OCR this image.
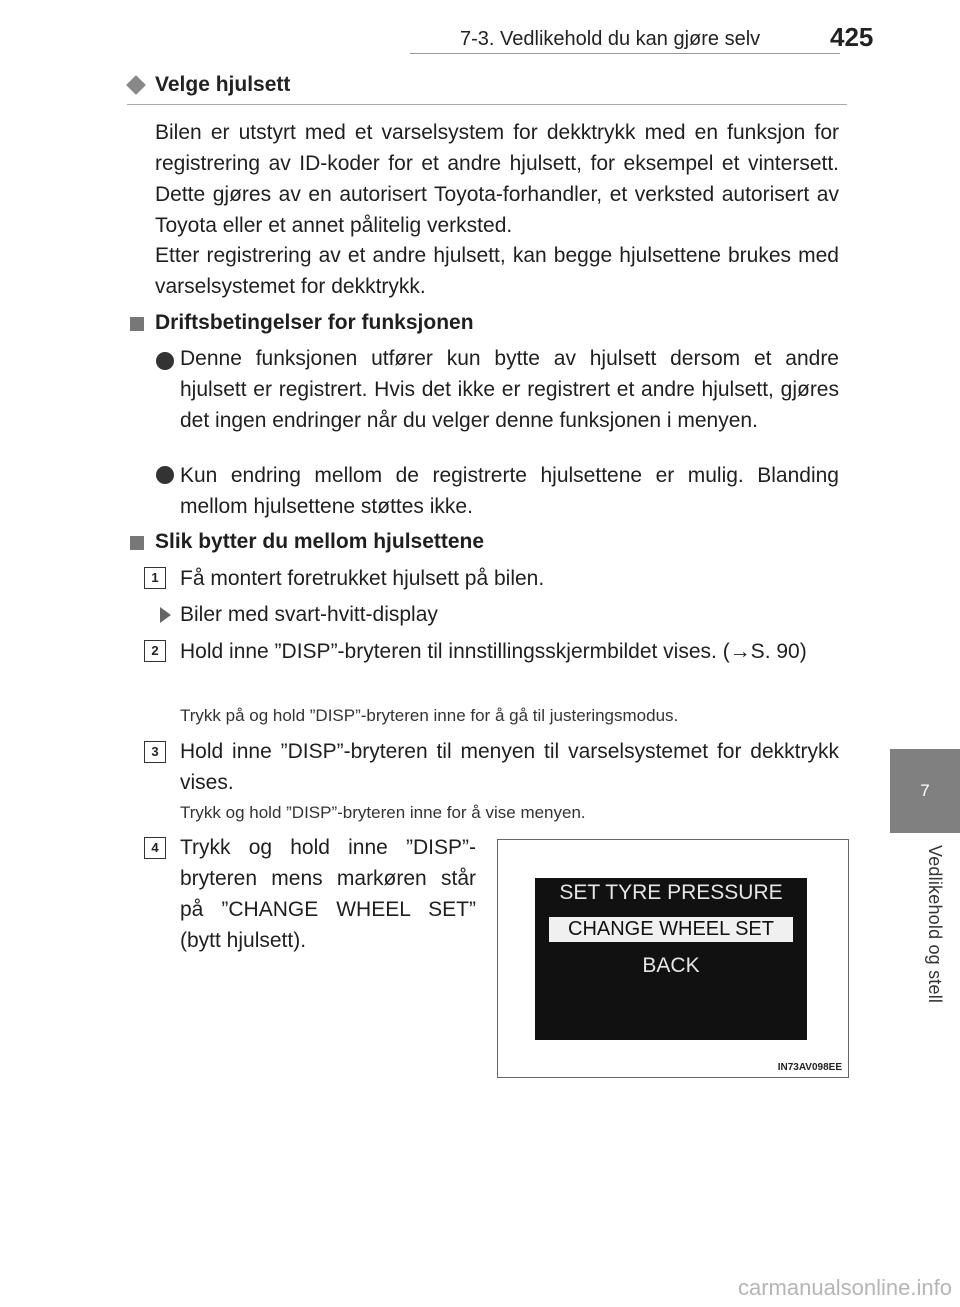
7-3. Vedlikehold du kan gjøre selv	425
7
Vedlikehold og stell
Velge hjulsett
Bilen er utstyrt med et varselsystem for dekktrykk med en funksjon for registrering av ID-koder for et andre hjulsett, for eksempel et vintersett. Dette gjøres av en autorisert Toyota-forhandler, et verksted autorisert av Toyota eller et annet pålitelig verksted.
Etter registrering av et andre hjulsett, kan begge hjulsettene brukes med varselsystemet for dekktrykk.
Driftsbetingelser for funksjonen
Denne funksjonen utfører kun bytte av hjulsett dersom et andre hjulsett er registrert. Hvis det ikke er registrert et andre hjulsett, gjøres det ingen endringer når du velger denne funksjonen i menyen.
Kun endring mellom de registrerte hjulsettene er mulig. Blanding mellom hjulsettene støttes ikke.
Slik bytter du mellom hjulsettene
1	Få montert foretrukket hjulsett på bilen.
Biler med svart-hvitt-display
2	Hold inne ”DISP”-bryteren til innstillingsskjermbildet vises. (→S. 90)
Trykk på og hold ”DISP”-bryteren inne for å gå til justeringsmodus.
3	Hold inne ”DISP”-bryteren til menyen til varselsystemet for dekktrykk vises.
Trykk og hold ”DISP”-bryteren inne for å vise menyen.
4	Trykk og hold inne ”DISP”-bryteren mens markøren står på ”CHANGE WHEEL SET” (bytt hjulsett).
SET TYRE PRESSURE
CHANGE WHEEL SET
BACK
IN73AV098EE
carmanualsonline.info
